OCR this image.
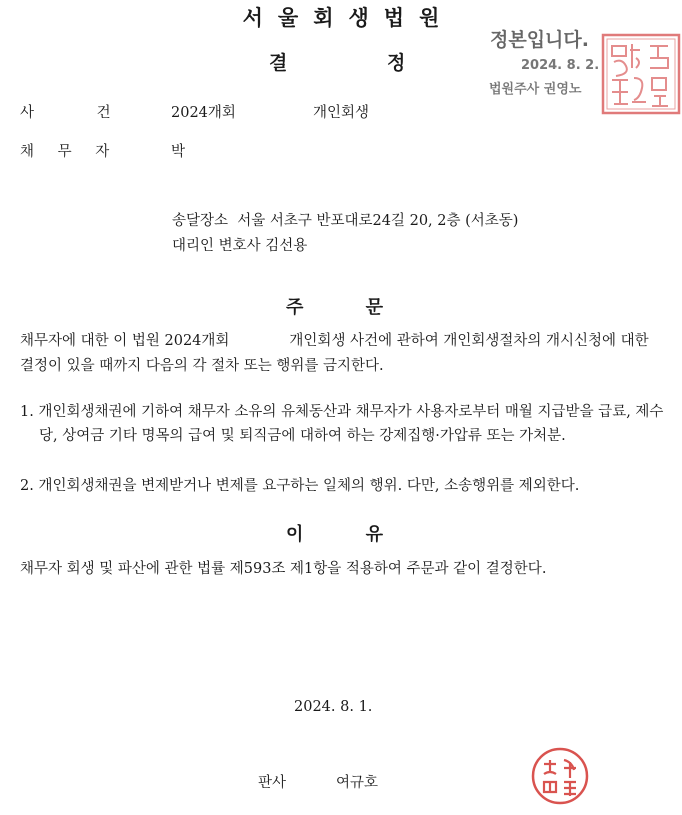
서울회생법원
결 정
정본입니다.
2024. 8. 2.
법원주사 권영노
사 건	2024개회	개인회생
채 무 자	박
송달장소  서울 서초구 반포대로24길 20, 2층 (서초동)
대리인 변호사 김선용
주 문
채무자에 대한 이 법원 2024개회	개인회생 사건에 관하여 개인회생절차의 개시신청에 대한 결정이 있을 때까지 다음의 각 절차 또는 행위를 금지한다.
1. 개인회생채권에 기하여 채무자 소유의 유체동산과 채무자가 사용자로부터 매월 지급받을 급료, 제수당, 상여금 기타 명목의 급여 및 퇴직금에 대하여 하는 강제집행·가압류 또는 가처분.
2. 개인회생채권을 변제받거나 변제를 요구하는 일체의 행위. 다만, 소송행위를 제외한다.
이 유
채무자 회생 및 파산에 관한 법률 제593조 제1항을 적용하여 주문과 같이 결정한다.
2024. 8. 1.
판사	여규호
